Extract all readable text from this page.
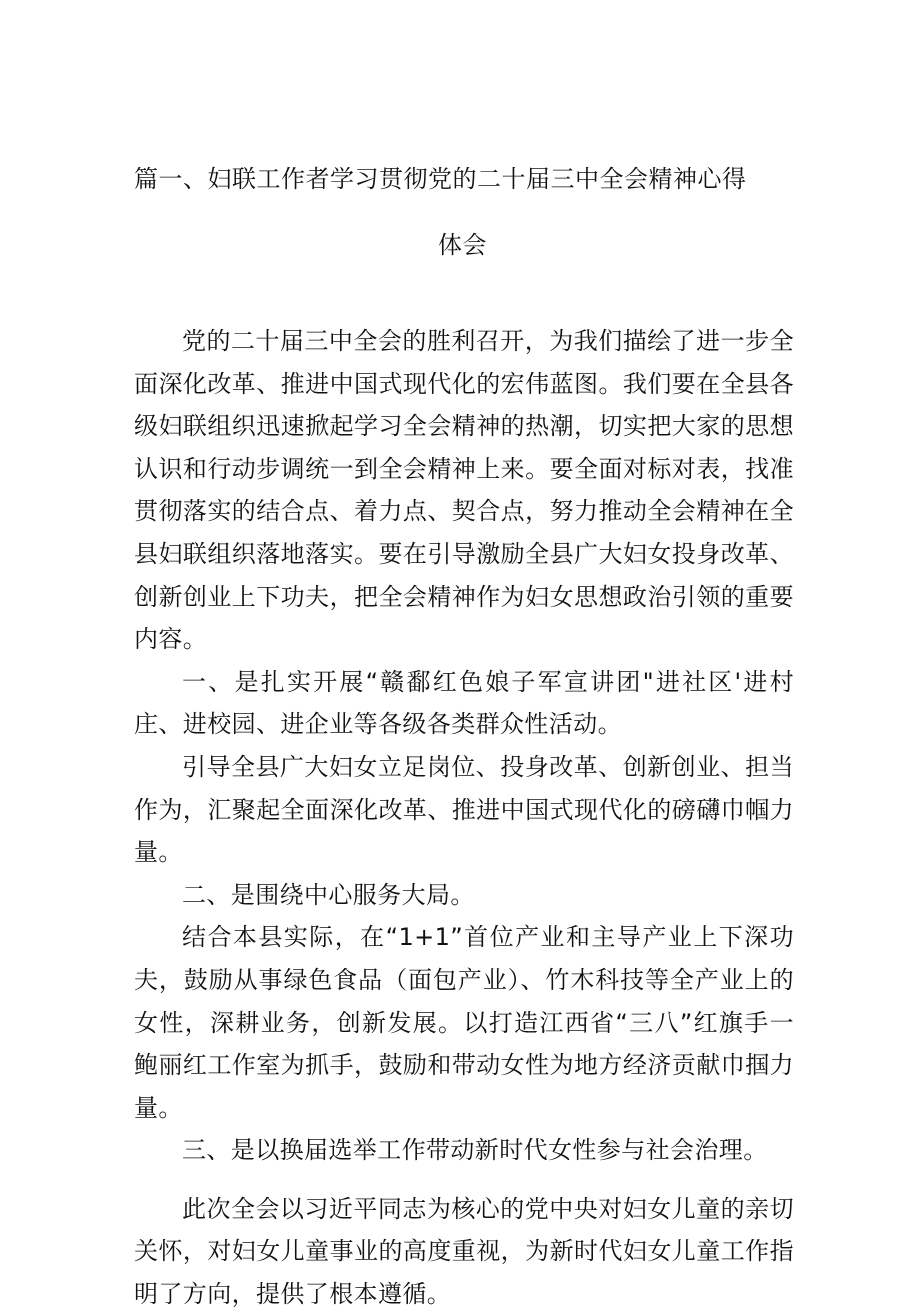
篇一、妇联工作者学习贯彻党的二十届三中全会精神心得
体会

党的二十届三中全会的胜利召开，为我们描绘了进一步全面深化改革、推进中国式现代化的宏伟蓝图。我们要在全县各级妇联组织迅速掀起学习全会精神的热潮，切实把大家的思想认识和行动步调统一到全会精神上来。要全面对标对表，找准贯彻落实的结合点、着力点、契合点，努力推动全会精神在全县妇联组织落地落实。要在引导激励全县广大妇女投身改革、创新创业上下功夫，把全会精神作为妇女思想政治引领的重要内容。

一、是扎实开展“赣鄱红色娘子军宣讲团"进社区'进村庄、进校园、进企业等各级各类群众性活动。

引导全县广大妇女立足岗位、投身改革、创新创业、担当作为，汇聚起全面深化改革、推进中国式现代化的磅礴巾帼力量。

二、是围绕中心服务大局。

结合本县实际，在“1+1”首位产业和主导产业上下深功夫，鼓励从事绿色食品（面包产业）、竹木科技等全产业上的女性，深耕业务，创新发展。以打造江西省“三八”红旗手一鲍丽红工作室为抓手，鼓励和带动女性为地方经济贡献巾掴力量。

三、是以换届选举工作带动新时代女性参与社会治理。

此次全会以习近平同志为核心的党中央对妇女儿童的亲切关怀，对妇女儿童事业的高度重视，为新时代妇女儿童工作指明了方向，提供了根本遵循。
